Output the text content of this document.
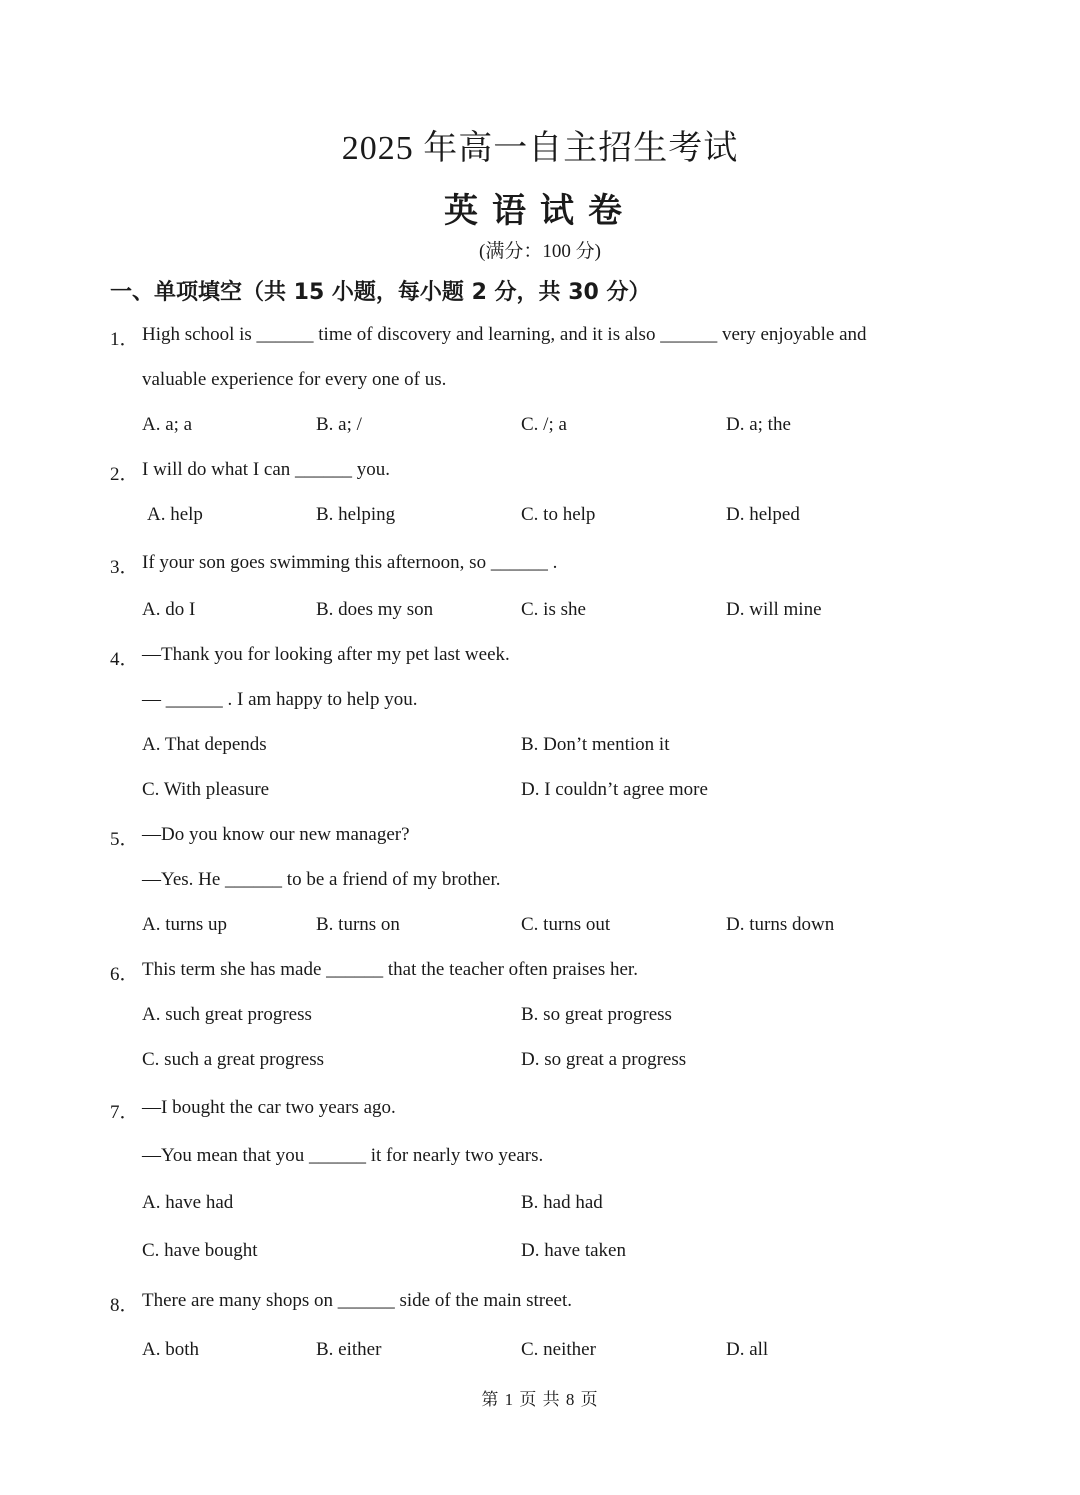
2025 年高一自主招生考试
英语试卷
(满分：100 分)
一、单项填空（共 15 小题，每小题 2 分，共 30 分）
1． High school is ______ time of discovery and learning, and it is also ______ very enjoyable and
valuable experience for every one of us.
A. a; a	B. a; /	C. /; a	D. a; the
2． I will do what I can ______ you.
A. help	B. helping	C. to help	D. helped
3． If your son goes swimming this afternoon, so ______ .
A. do I	B. does my son	C. is she	D. will mine
4． —Thank you for looking after my pet last week.
— ______ . I am happy to help you.
A. That depends	B. Don’t mention it
C. With pleasure	D. I couldn’t agree more
5． —Do you know our new manager?
—Yes. He ______ to be a friend of my brother.
A. turns up	B. turns on	C. turns out	D. turns down
6． This term she has made ______ that the teacher often praises her.
A. such great progress	B. so great progress
C. such a great progress	D. so great a progress
7． —I bought the car two years ago.
—You mean that you ______ it for nearly two years.
A. have had	B. had had
C. have bought	D. have taken
8． There are many shops on ______ side of the main street.
A. both	B. either	C. neither	D. all
第 1 页 共 8 页
